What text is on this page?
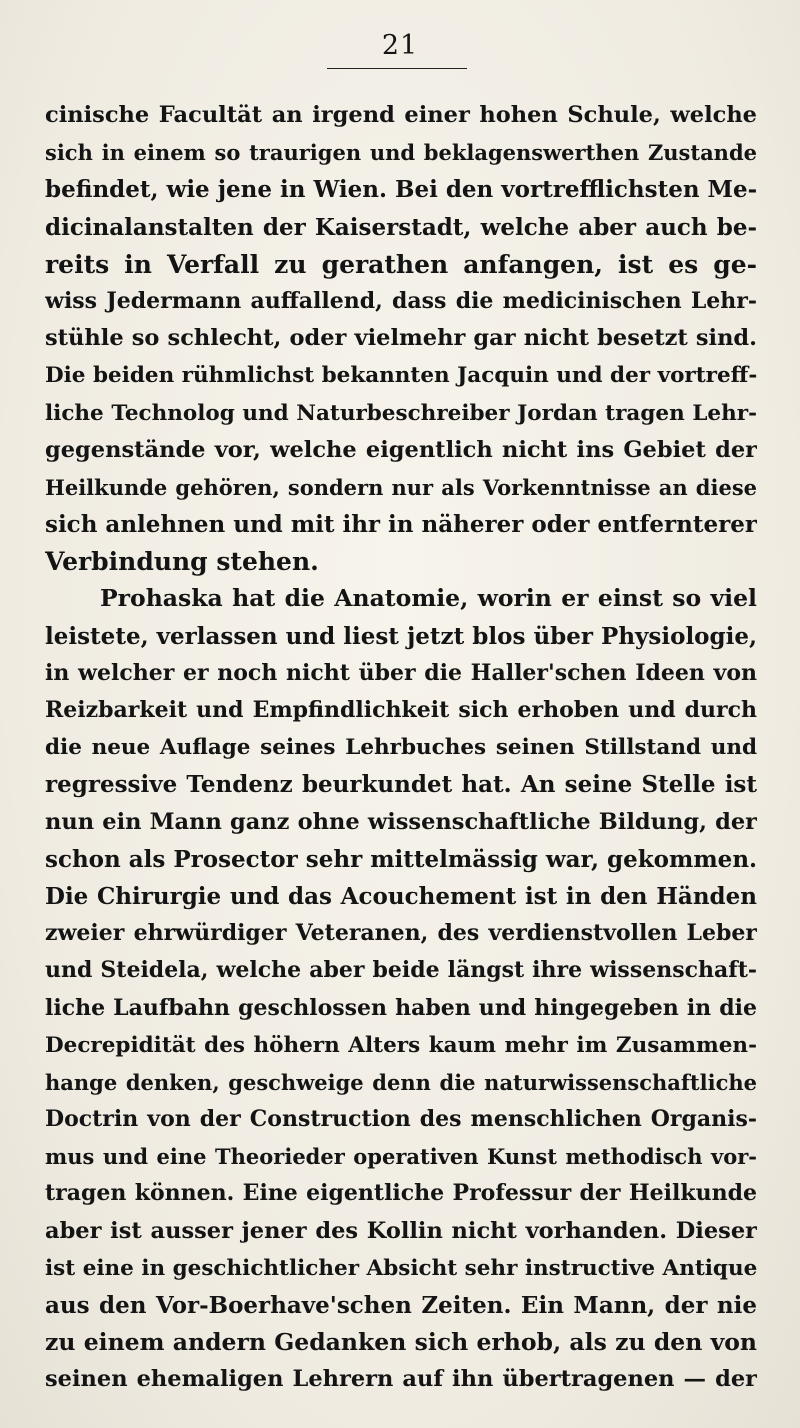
21
cinische Facultät an irgend einer hohen Schule, welche
sich in einem so traurigen und beklagenswerthen Zustande
befindet, wie jene in Wien. Bei den vortrefflichsten Me-
dicinalanstalten der Kaiserstadt, welche aber auch be-
reits in Verfall zu gerathen anfangen, ist es ge-
wiss Jedermann auffallend, dass die medicinischen Lehr-
stühle so schlecht, oder vielmehr gar nicht besetzt sind.
Die beiden rühmlichst bekannten Jacquin und der vortreff-
liche Technolog und Naturbeschreiber Jordan tragen Lehr-
gegenstände vor, welche eigentlich nicht ins Gebiet der
Heilkunde gehören, sondern nur als Vorkenntnisse an diese
sich anlehnen und mit ihr in näherer oder entfernterer
Verbindung stehen.
Prohaska hat die Anatomie, worin er einst so viel
leistete, verlassen und liest jetzt blos über Physiologie,
in welcher er noch nicht über die Haller'schen Ideen von
Reizbarkeit und Empfindlichkeit sich erhoben und durch
die neue Auflage seines Lehrbuches seinen Stillstand und
regressive Tendenz beurkundet hat. An seine Stelle ist
nun ein Mann ganz ohne wissenschaftliche Bildung, der
schon als Prosector sehr mittelmässig war, gekommen.
Die Chirurgie und das Acouchement ist in den Händen
zweier ehrwürdiger Veteranen, des verdienstvollen Leber
und Steidela, welche aber beide längst ihre wissenschaft-
liche Laufbahn geschlossen haben und hingegeben in die
Decrepidität des höhern Alters kaum mehr im Zusammen-
hange denken, geschweige denn die naturwissenschaftliche
Doctrin von der Construction des menschlichen Organis-
mus und eine Theorieder operativen Kunst methodisch vor-
tragen können. Eine eigentliche Professur der Heilkunde
aber ist ausser jener des Kollin nicht vorhanden. Dieser
ist eine in geschichtlicher Absicht sehr instructive Antique
aus den Vor-Boerhave'schen Zeiten. Ein Mann, der nie
zu einem andern Gedanken sich erhob, als zu den von
seinen ehemaligen Lehrern auf ihn übertragenen — der
